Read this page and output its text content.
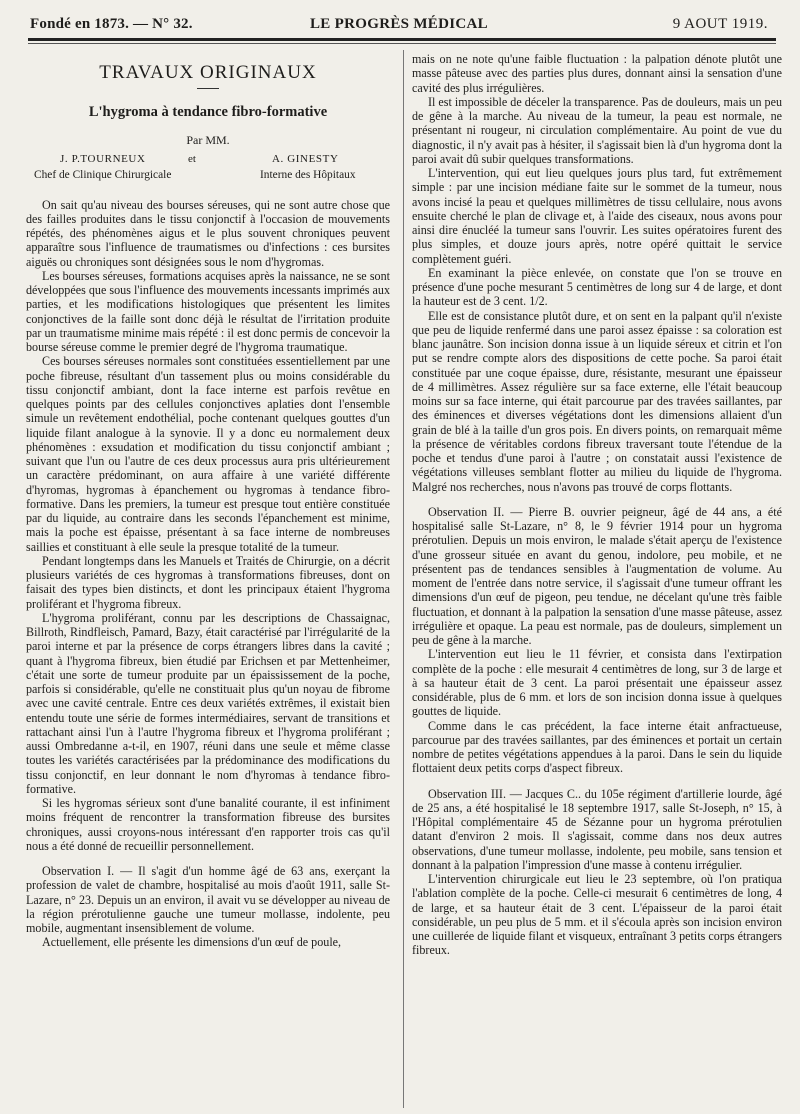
Fondé en 1873. — N° 32.	LE PROGRÈS MÉDICAL	9 AOUT 1919.
TRAVAUX ORIGINAUX
L'hygroma à tendance fibro-formative
Par MM.
J. P.TOURNEUX	et	A. GINESTY
Chef de Clinique Chirurgicale	Interne des Hôpitaux

On sait qu'au niveau des bourses séreuses, qui ne sont autre chose que des failles produites dans le tissu conjonctif à l'occasion de mouvements répétés, des phénomènes aigus et le plus souvent chroniques peuvent apparaître sous l'influence de traumatismes ou d'infections : ces bursites aiguës ou chroniques sont désignées sous le nom d'hygromas.

Les bourses séreuses, formations acquises après la naissance, ne se sont développées que sous l'influence des mouvements incessants imprimés aux parties, et les modifications histologiques que présentent les limites conjonctives de la faille sont donc déjà le résultat de l'irritation produite par un traumatisme minime mais répété : il est donc permis de concevoir la bourse séreuse comme le premier degré de l'hygroma traumatique.

Ces bourses séreuses normales sont constituées essentiellement par une poche fibreuse, résultant d'un tassement plus ou moins considérable du tissu conjonctif ambiant, dont la face interne est parfois revêtue en quelques points par des cellules conjonctives aplaties dont l'ensemble simule un revêtement endothélial, poche contenant quelques gouttes d'un liquide filant analogue à la synovie. Il y a donc eu normalement deux phénomènes : exsudation et modification du tissu conjonctif ambiant ; suivant que l'un ou l'autre de ces deux processus aura pris ultérieurement un caractère prédominant, on aura affaire à une variété différente d'hyromas, hygromas à épanchement ou hygromas à tendance fibro-formative. Dans les premiers, la tumeur est presque tout entière constituée par du liquide, au contraire dans les seconds l'épanchement est minime, mais la poche est épaisse, présentant à sa face interne de nombreuses saillies et constituant à elle seule la presque totalité de la tumeur.

Pendant longtemps dans les Manuels et Traités de Chirurgie, on a décrit plusieurs variétés de ces hygromas à transformations fibreuses, dont on faisait des types bien distincts, et dont les principaux étaient l'hygroma proliférant et l'hygroma fibreux.

L'hygroma proliférant, connu par les descriptions de Chassaignac, Billroth, Rindfleisch, Pamard, Bazy, était caractérisé par l'irrégularité de la paroi interne et par la présence de corps étrangers libres dans la cavité ; quant à l'hygroma fibreux, bien étudié par Erichsen et par Mettenheimer, c'était une sorte de tumeur produite par un épaississement de la poche, parfois si considérable, qu'elle ne constituait plus qu'un noyau de fibrome avec une cavité centrale. Entre ces deux variétés extrêmes, il existait bien entendu toute une série de formes intermédiaires, servant de transitions et rattachant ainsi l'un à l'autre l'hygroma fibreux et l'hygroma proliférant ; aussi Ombredanne a-t-il, en 1907, réuni dans une seule et même classe toutes les variétés caractérisées par la prédominance des modifications du tissu conjonctif, en leur donnant le nom d'hyromas à tendance fibro-formative.

Si les hygromas sérieux sont d'une banalité courante, il est infiniment moins fréquent de rencontrer la transformation fibreuse des bursites chroniques, aussi croyons-nous intéressant d'en rapporter trois cas qu'il nous a été donné de recueillir personnellement.

Observation I. — Il s'agit d'un homme âgé de 63 ans, exerçant la profession de valet de chambre, hospitalisé au mois d'août 1911, salle St-Lazare, n° 23. Depuis un an environ, il avait vu se développer au niveau de la région prérotulienne gauche une tumeur mollasse, indolente, peu mobile, augmentant insensiblement de volume.

Actuellement, elle présente les dimensions d'un œuf de poule,

mais on ne note qu'une faible fluctuation : la palpation dénote plutôt une masse pâteuse avec des parties plus dures, donnant ainsi la sensation d'une cavité des plus irrégulières.

Il est impossible de déceler la transparence. Pas de douleurs, mais un peu de gêne à la marche. Au niveau de la tumeur, la peau est normale, ne présentant ni rougeur, ni circulation complémentaire. Au point de vue du diagnostic, il n'y avait pas à hésiter, il s'agissait bien là d'un hygroma dont la paroi avait dû subir quelques transformations.

L'intervention, qui eut lieu quelques jours plus tard, fut extrêmement simple : par une incision médiane faite sur le sommet de la tumeur, nous avons incisé la peau et quelques millimètres de tissu cellulaire, nous avons ensuite cherché le plan de clivage et, à l'aide des ciseaux, nous avons pour ainsi dire énucléé la tumeur sans l'ouvrir. Les suites opératoires furent des plus simples, et douze jours après, notre opéré quittait le service complètement guéri.

En examinant la pièce enlevée, on constate que l'on se trouve en présence d'une poche mesurant 5 centimètres de long sur 4 de large, et dont la hauteur est de 3 cent. 1/2.

Elle est de consistance plutôt dure, et on sent en la palpant qu'il n'existe que peu de liquide renfermé dans une paroi assez épaisse : sa coloration est blanc jaunâtre. Son incision donna issue à un liquide séreux et citrin et l'on put se rendre compte alors des dispositions de cette poche. Sa paroi était constituée par une coque épaisse, dure, résistante, mesurant une épaisseur de 4 millimètres. Assez régulière sur sa face externe, elle l'était beaucoup moins sur sa face interne, qui était parcourue par des travées saillantes, par des éminences et diverses végétations dont les dimensions allaient d'un grain de blé à la taille d'un gros pois. En divers points, on remarquait même la présence de véritables cordons fibreux traversant toute l'étendue de la poche et tendus d'une paroi à l'autre ; on constatait aussi l'existence de végétations villeuses semblant flotter au milieu du liquide de l'hygroma. Malgré nos recherches, nous n'avons pas trouvé de corps flottants.

Observation II. — Pierre B. ouvrier peigneur, âgé de 44 ans, a été hospitalisé salle St-Lazare, n° 8, le 9 février 1914 pour un hygroma prérotulien. Depuis un mois environ, le malade s'était aperçu de l'existence d'une grosseur située en avant du genou, indolore, peu mobile, et ne présentent pas de tendances sensibles à l'augmentation de volume. Au moment de l'entrée dans notre service, il s'agissait d'une tumeur offrant les dimensions d'un œuf de pigeon, peu tendue, ne décelant qu'une très faible fluctuation, et donnant à la palpation la sensation d'une masse pâteuse, assez irrégulière et opaque. La peau est normale, pas de douleurs, simplement un peu de gêne à la marche.

L'intervention eut lieu le 11 février, et consista dans l'extirpation complète de la poche : elle mesurait 4 centimètres de long, sur 3 de large et à sa hauteur était de 3 cent. La paroi présentait une épaisseur assez considérable, plus de 6 mm. et lors de son incision donna issue à quelques gouttes de liquide.

Comme dans le cas précédent, la face interne était anfractueuse, parcourue par des travées saillantes, par des éminences et portait un certain nombre de petites végétations appendues à la paroi. Dans le sein du liquide flottaient deux petits corps d'aspect fibreux.

Observation III. — Jacques C.. du 105e régiment d'artillerie lourde, âgé de 25 ans, a été hospitalisé le 18 septembre 1917, salle St-Joseph, n° 15, à l'Hôpital complémentaire 45 de Sézanne pour un hygroma prérotulien datant d'environ 2 mois. Il s'agissait, comme dans nos deux autres observations, d'une tumeur mollasse, indolente, peu mobile, sans tension et donnant à la palpation l'impression d'une masse à contenu irrégulier.

L'intervention chirurgicale eut lieu le 23 septembre, où l'on pratiqua l'ablation complète de la poche. Celle-ci mesurait 6 centimètres de long, 4 de large, et sa hauteur était de 3 cent. L'épaisseur de la paroi était considérable, un peu plus de 5 mm. et il s'écoula après son incision environ une cuillerée de liquide filant et visqueux, entraînant 3 petits corps étrangers fibreux.
